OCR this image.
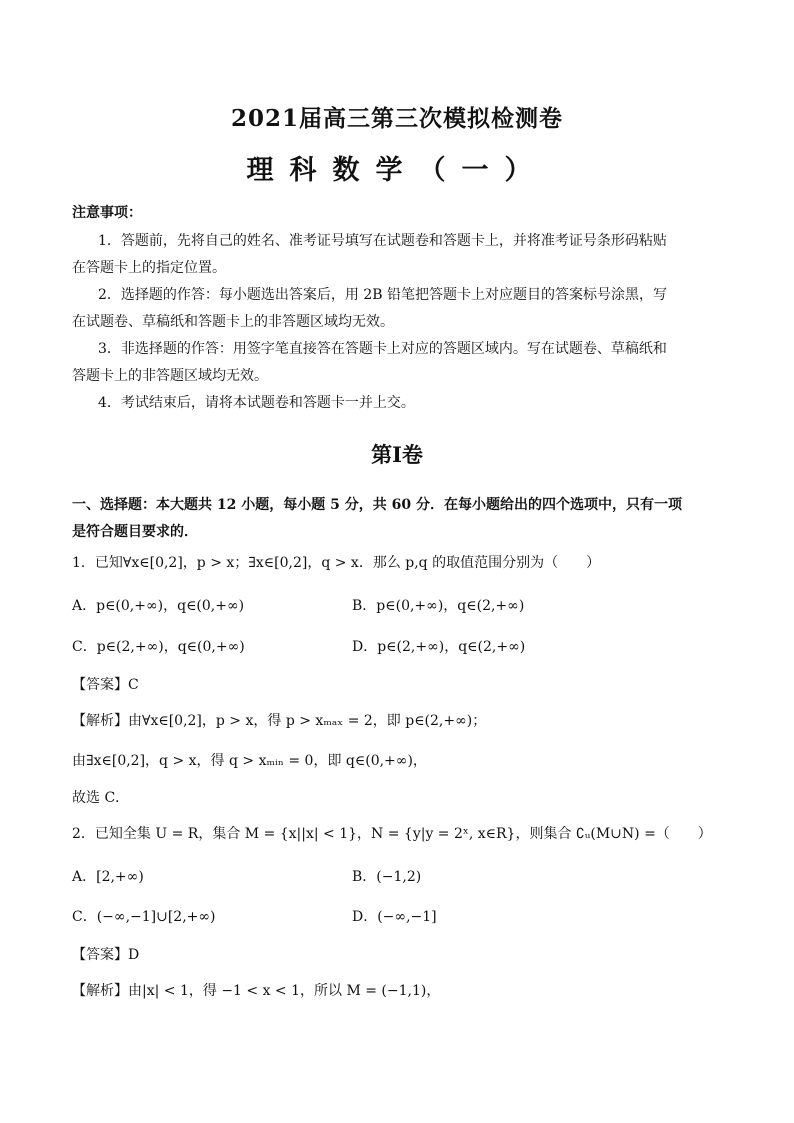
2021届高三第三次模拟检测卷
理科数学（一）
注意事项：
1．答题前，先将自己的姓名、准考证号填写在试题卷和答题卡上，并将准考证号条形码粘贴
在答题卡上的指定位置。
2．选择题的作答：每小题选出答案后，用 2B 铅笔把答题卡上对应题目的答案标号涂黑，写
在试题卷、草稿纸和答题卡上的非答题区域均无效。
3．非选择题的作答：用签字笔直接答在答题卡上对应的答题区域内。写在试题卷、草稿纸和
答题卡上的非答题区域均无效。
4．考试结束后，请将本试题卷和答题卡一并上交。
第Ⅰ卷
一、选择题：本大题共 12 小题，每小题 5 分，共 60 分．在每小题给出的四个选项中，只有一项
是符合题目要求的．
1．已知∀x∈[0,2]，p > x；∃x∈[0,2]，q > x．那么 p,q 的取值范围分别为（　　）
A．p∈(0,+∞)，q∈(0,+∞)	B．p∈(0,+∞)，q∈(2,+∞)
C．p∈(2,+∞)，q∈(0,+∞)	D．p∈(2,+∞)，q∈(2,+∞)
【答案】C
【解析】由∀x∈[0,2]，p > x，得 p > xₘₐₓ = 2，即 p∈(2,+∞)；
由∃x∈[0,2]，q > x，得 q > xₘᵢₙ = 0，即 q∈(0,+∞)，
故选 C．
2．已知全集 U = R，集合 M = {x||x| < 1}，N = {y|y = 2ˣ, x∈R}，则集合 ∁ᵤ(M∪N) =（　　）
A．[2,+∞)	B．(−1,2)
C．(−∞,−1]∪[2,+∞)	D．(−∞,−1]
【答案】D
【解析】由|x| < 1，得 −1 < x < 1，所以 M = (−1,1)，
